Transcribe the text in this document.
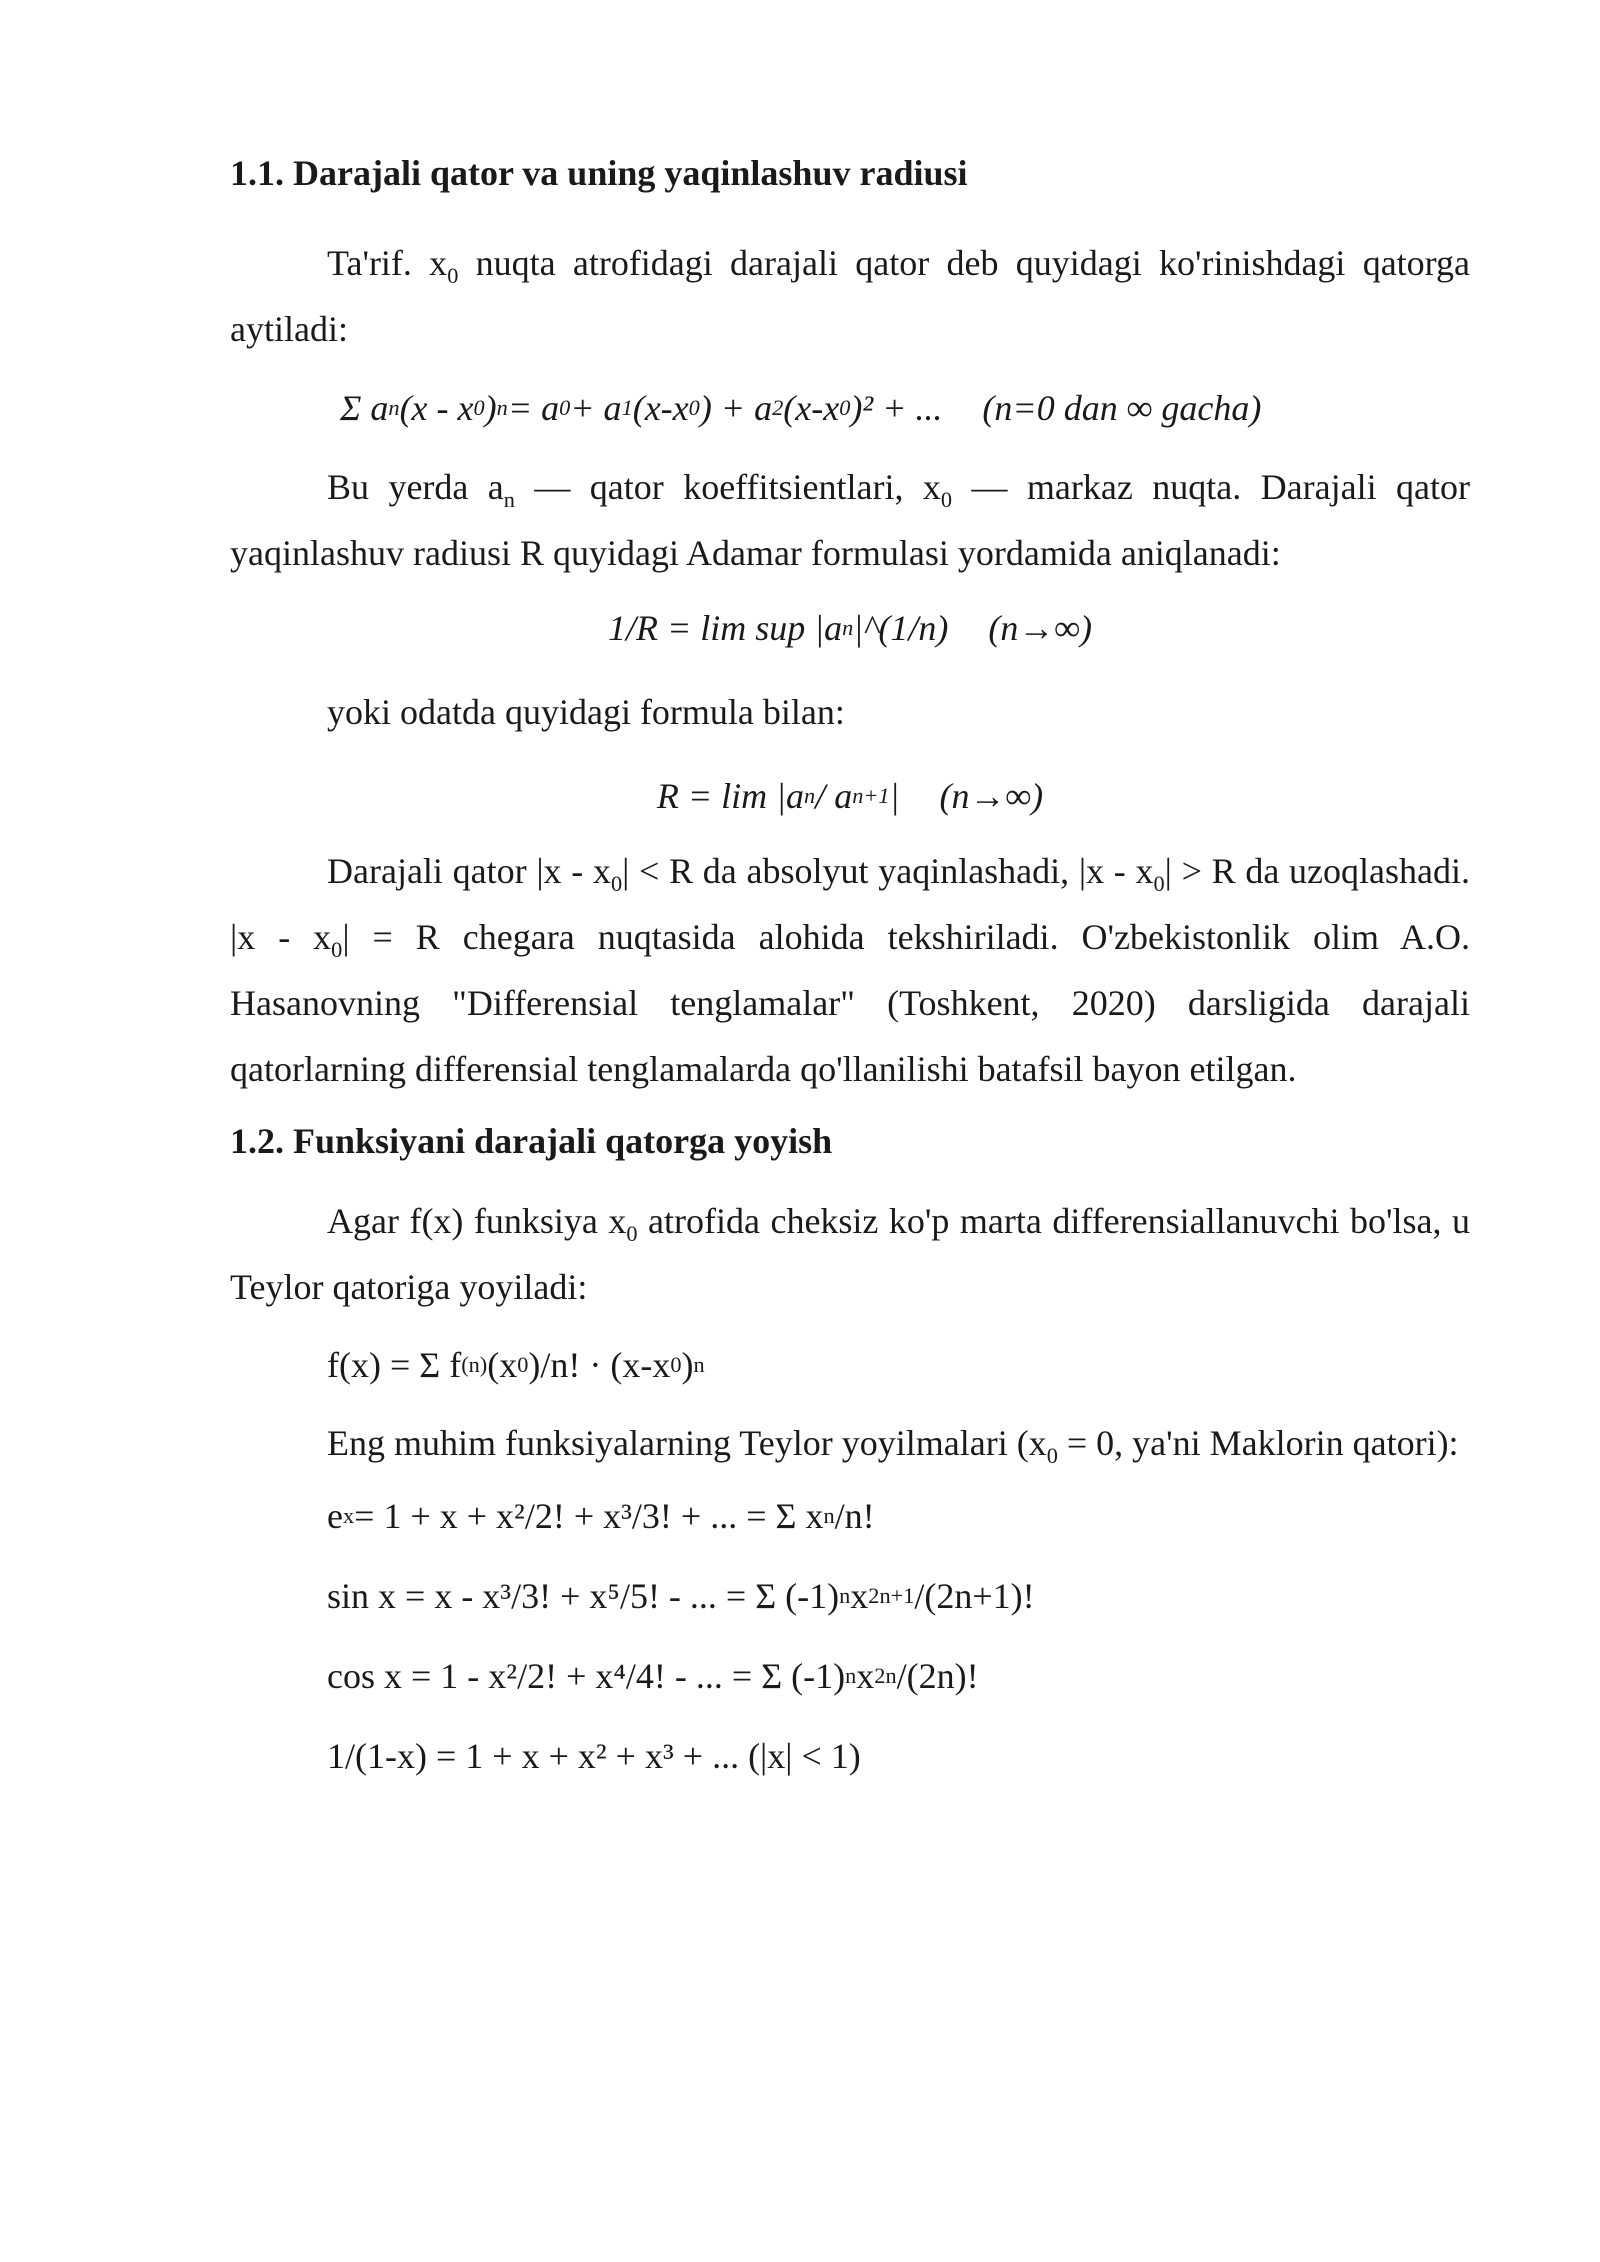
1.1. Darajali qator va uning yaqinlashuv radiusi

Ta'rif. $x_0$ nuqta atrofidagi darajali qator deb quyidagi ko'rinishdagi qatorga aytiladi:

Σ a n (x - x 0 ) n = a 0 + a 1 (x-x 0 ) + a 2 (x-x 0 )² + ... (n=0 dan ∞ gacha)

Bu yerda $a_n$ — qator koeffitsientlari, $x_0$ — markaz nuqta. Darajali qator yaqinlashuv radiusi R quyidagi Adamar formulasi yordamida aniqlanadi:

1/R = lim sup |a n |^(1/n) (n→∞)
yoki odatda quyidagi formula bilan:
R = lim |a n / a n+1 | (n→∞)

Darajali qator $|x - x_0| < R$ da absolyut yaqinlashadi, $|x - x_0| > R$ da uzoqlashadi. $|x - x_0| = R$ chegara nuqtasida alohida tekshiriladi. O'zbekistonlik olim A.O. Hasanovning "Differensial tenglamalar" (Toshkent, 2020) darsligida darajali qatorlarning differensial tenglamalarda qo'llanilishi batafsil bayon etilgan.

1.2. Funksiyani darajali qatorga yoyish

Agar f(x) funksiya $x_0$ atrofida cheksiz ko'p marta differensiallanuvchi bo'lsa, u Teylor qatoriga yoyiladi:

f(x) = Σ f (n) (x 0 )/n! · (x-x 0 ) n

Eng muhim funksiyalarning Teylor yoyilmalari ($x_0 = 0$, ya'ni Maklorin qatori):

e x = 1 + x + x²/2! + x³/3! + ... = Σ x n /n!
sin x = x - x³/3! + x⁵/5! - ... = Σ (-1) n x 2n+1 /(2n+1)!
cos x = 1 - x²/2! + x⁴/4! - ... = Σ (-1) n x 2n /(2n)!
1/(1-x) = 1 + x + x² + x³ + ... (|x| < 1)
